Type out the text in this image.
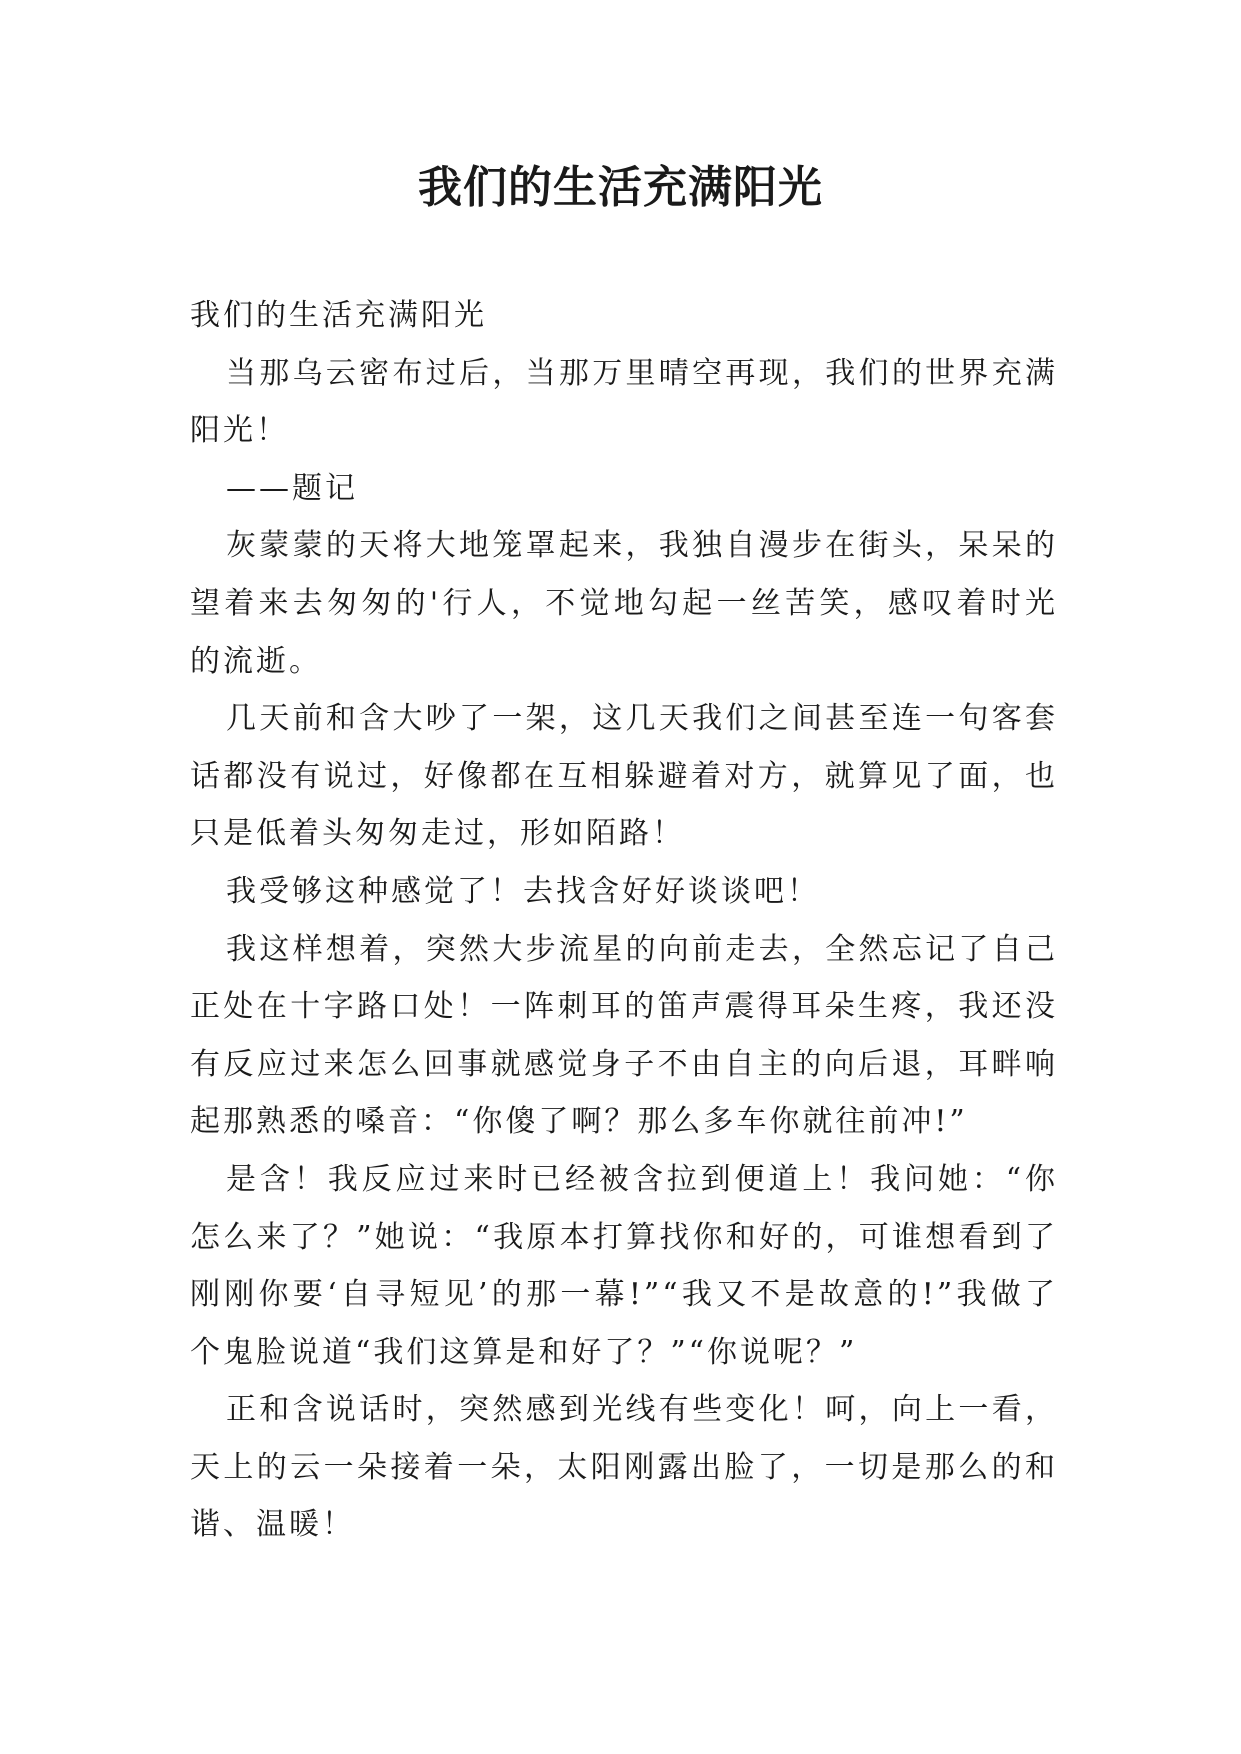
我们的生活充满阳光

我们的生活充满阳光

当那乌云密布过后，当那万里晴空再现，我们的世界充满阳光！

——题记

灰蒙蒙的天将大地笼罩起来，我独自漫步在街头，呆呆的望着来去匆匆的'行人，不觉地勾起一丝苦笑，感叹着时光的流逝。

几天前和含大吵了一架，这几天我们之间甚至连一句客套话都没有说过，好像都在互相躲避着对方，就算见了面，也只是低着头匆匆走过，形如陌路！

我受够这种感觉了！去找含好好谈谈吧！

我这样想着，突然大步流星的向前走去，全然忘记了自己正处在十字路口处！一阵刺耳的笛声震得耳朵生疼，我还没有反应过来怎么回事就感觉身子不由自主的向后退，耳畔响起那熟悉的嗓音：“你傻了啊？那么多车你就往前冲!”

是含！我反应过来时已经被含拉到便道上！我问她：“你怎么来了？”她说：“我原本打算找你和好的，可谁想看到了刚刚你要‘自寻短见’的那一幕!”“我又不是故意的!”我做了个鬼脸说道“我们这算是和好了？”“你说呢？”

正和含说话时，突然感到光线有些变化！呵，向上一看，天上的云一朵接着一朵，太阳刚露出脸了，一切是那么的和谐、温暖！
